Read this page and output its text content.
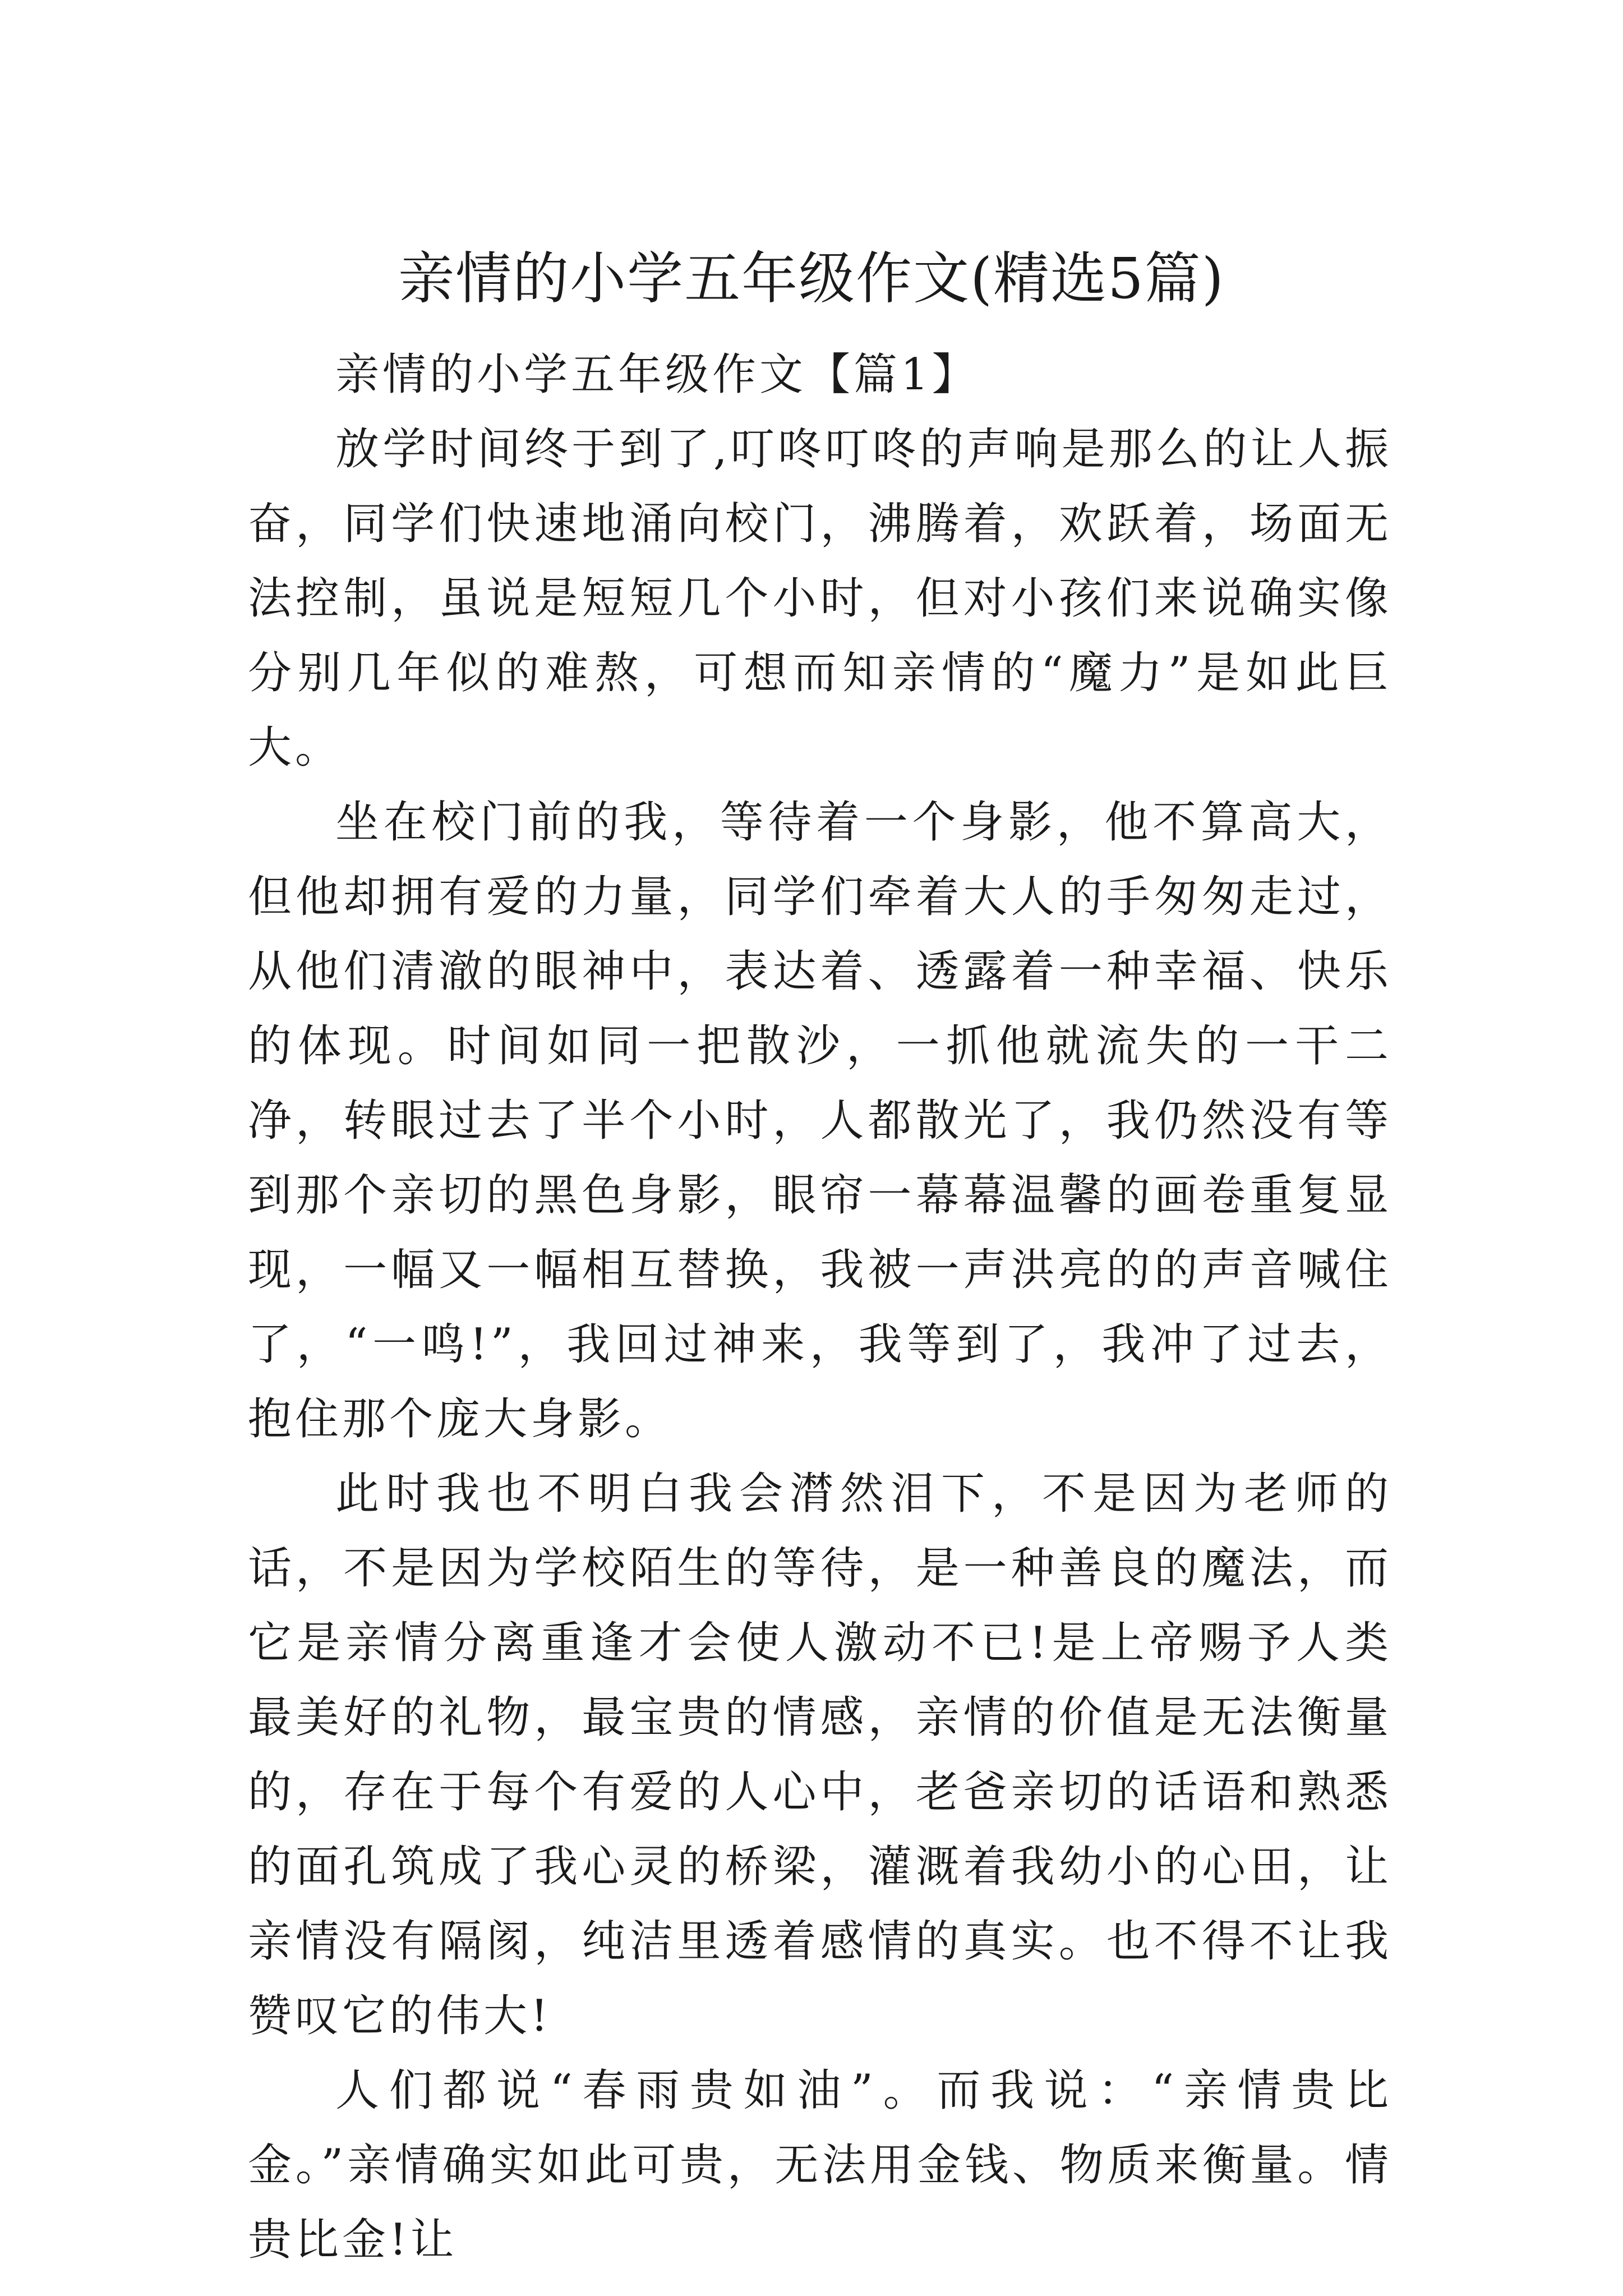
亲情的小学五年级作文(精选5篇)

亲情的小学五年级作文【篇1】

放学时间终于到了,叮咚叮咚的声响是那么的让人振奋，同学们快速地涌向校门，沸腾着，欢跃着，场面无法控制，虽说是短短几个小时，但对小孩们来说确实像分别几年似的难熬，可想而知亲情的“魔力”是如此巨大。

坐在校门前的我，等待着一个身影，他不算高大，但他却拥有爱的力量，同学们牵着大人的手匆匆走过，从他们清澈的眼神中，表达着、透露着一种幸福、快乐的体现。时间如同一把散沙，一抓他就流失的一干二净，转眼过去了半个小时，人都散光了，我仍然没有等到那个亲切的黑色身影，眼帘一幕幕温馨的画卷重复显现，一幅又一幅相互替换，我被一声洪亮的的声音喊住了，“一鸣!”，我回过神来，我等到了，我冲了过去，抱住那个庞大身影。

此时我也不明白我会潸然泪下，不是因为老师的话，不是因为学校陌生的等待，是一种善良的魔法，而它是亲情分离重逢才会使人激动不已!是上帝赐予人类最美好的礼物，最宝贵的情感，亲情的价值是无法衡量的，存在于每个有爱的人心中，老爸亲切的话语和熟悉的面孔筑成了我心灵的桥梁，灌溉着我幼小的心田，让亲情没有隔阂，纯洁里透着感情的真实。也不得不让我赞叹它的伟大!

人们都说“春雨贵如油”。而我说：“亲情贵比金。”亲情确实如此可贵，无法用金钱、物质来衡量。情贵比金!让
